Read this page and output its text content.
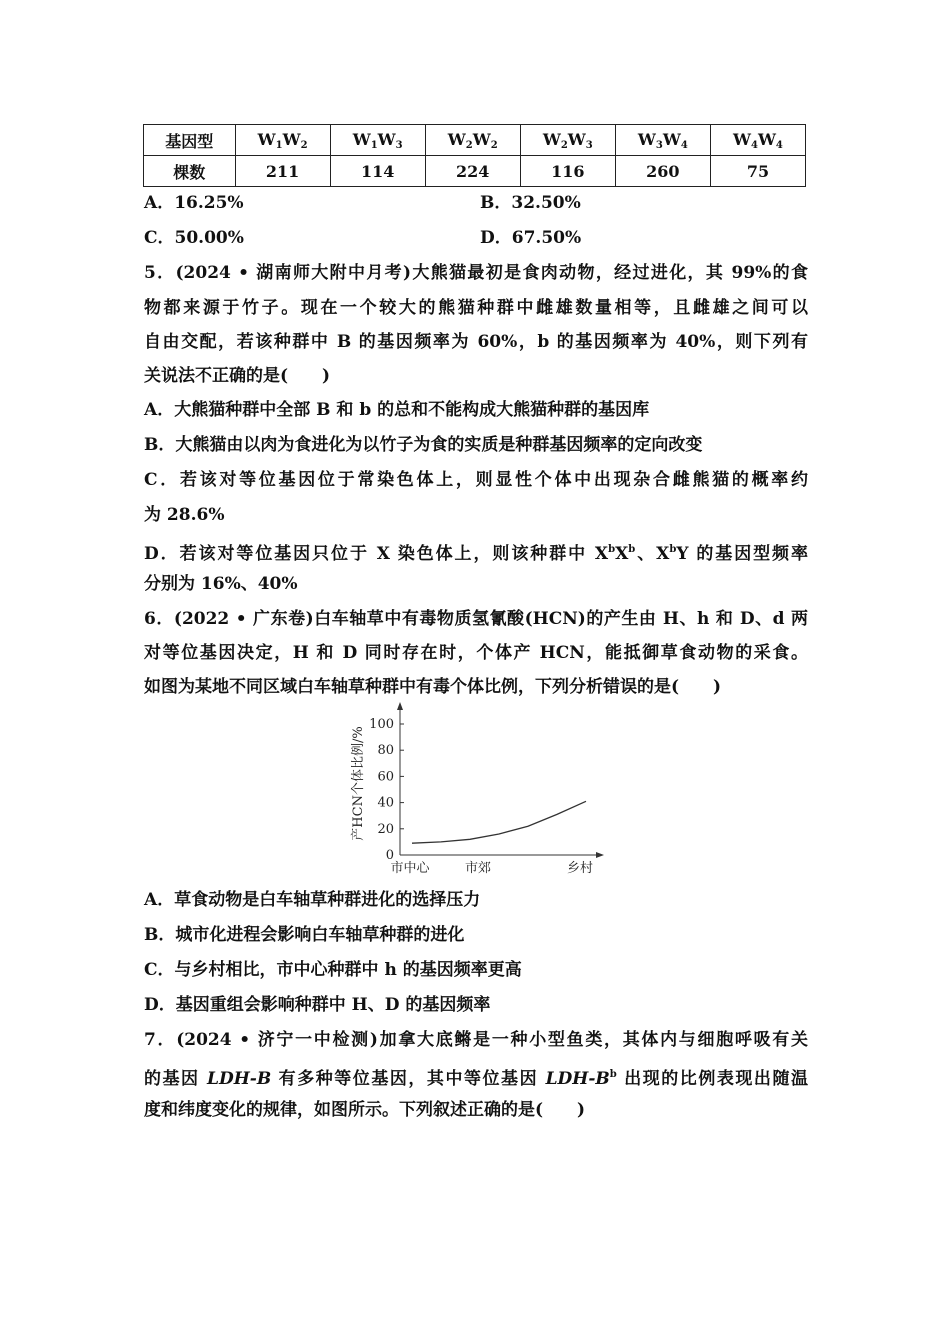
基因型	$W_1W_2$	$W_1W_3$	$W_2W_2$	$W_2W_3$	$W_3W_4$	$W_4W_4$
棵数	211	114	224	116	260	75
A．16.25%	B．32.50%
C．50.00%	D．67.50%
5．(2024 • 湖南师大附中月考)大熊猫最初是食肉动物，经过进化，其 99%的食
物都来源于竹子。现在一个较大的熊猫种群中雌雄数量相等，且雌雄之间可以
自由交配，若该种群中 B 的基因频率为 60%，b 的基因频率为 40%，则下列有
关说法不正确的是(　　)
A．大熊猫种群中全部 B 和 b 的总和不能构成大熊猫种群的基因库
B．大熊猫由以肉为食进化为以竹子为食的实质是种群基因频率的定向改变
C．若该对等位基因位于常染色体上，则显性个体中出现杂合雌熊猫的概率约
为 28.6%
D．若该对等位基因只位于 X 染色体上，则该种群中 $X^bX^b$、$X^bY$ 的基因型频率
分别为 16%、40%
6．(2022 • 广东卷)白车轴草中有毒物质氢氰酸(HCN)的产生由 H、h 和 D、d 两
对等位基因决定，H 和 D 同时存在时，个体产 HCN，能抵御草食动物的采食。
如图为某地不同区域白车轴草种群中有毒个体比例，下列分析错误的是(　　)
0
20
40
60
80
100
市中心	市郊	乡村
产HCN个体比例/%
A．草食动物是白车轴草种群进化的选择压力
B．城市化进程会影响白车轴草种群的进化
C．与乡村相比，市中心种群中 h 的基因频率更高
D．基因重组会影响种群中 H、D 的基因频率
7．(2024 • 济宁一中检测)加拿大底鳉是一种小型鱼类，其体内与细胞呼吸有关
的基因 LDH-B 有多种等位基因，其中等位基因 LDH-$B^b$ 出现的比例表现出随温
度和纬度变化的规律，如图所示。下列叙述正确的是(　　)
